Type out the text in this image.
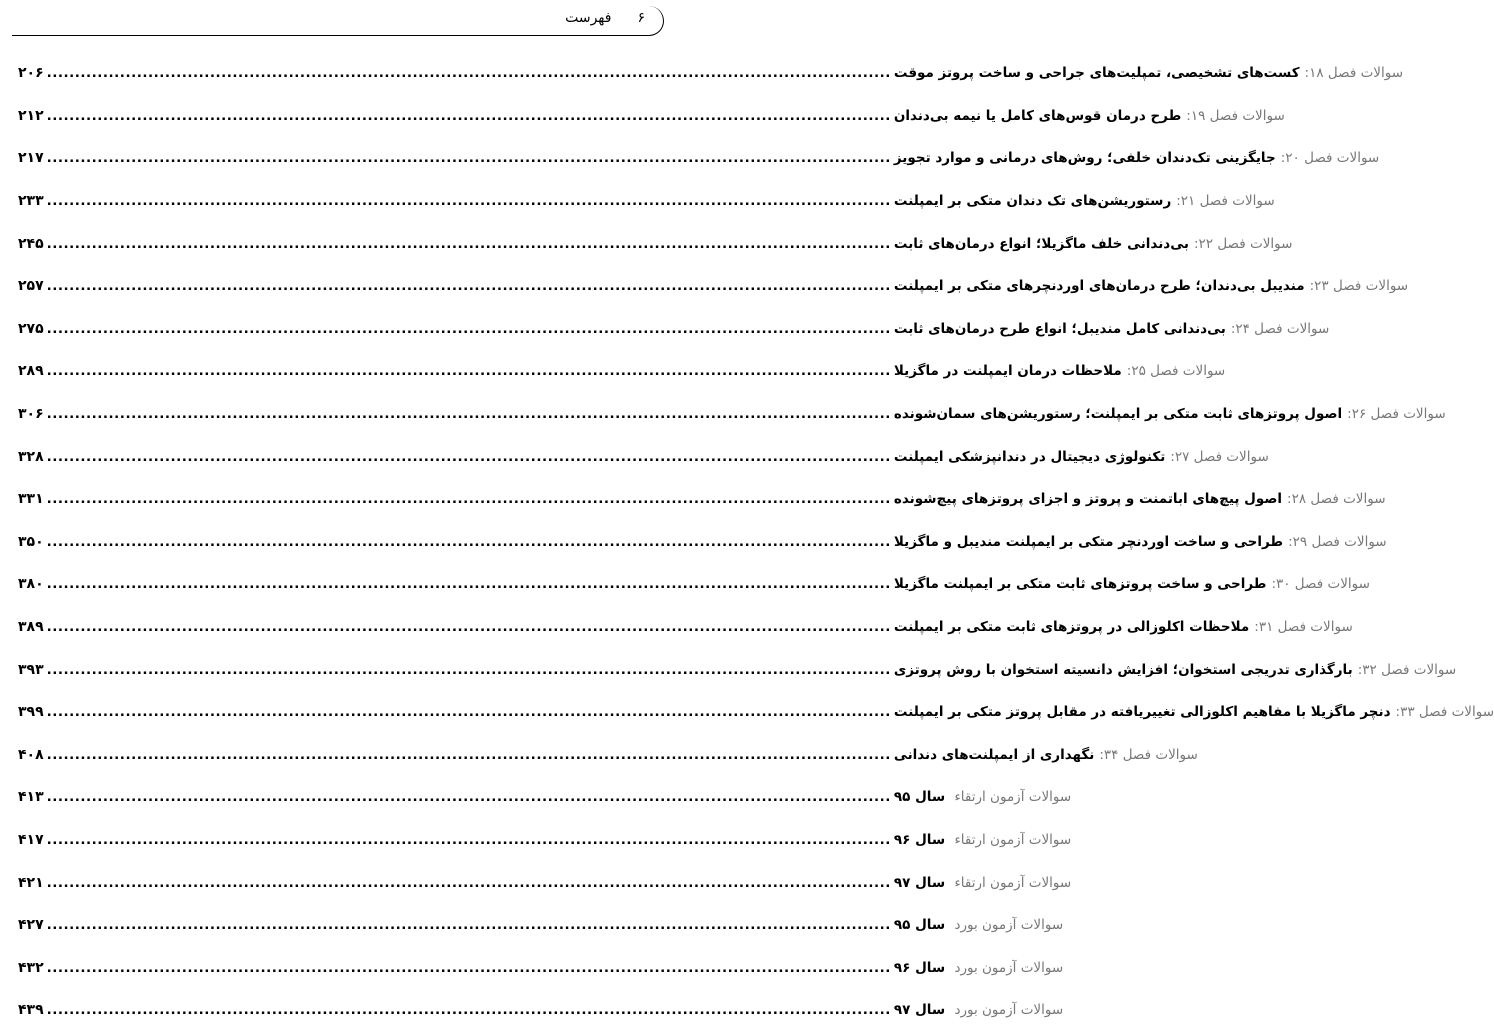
۶
فهرست
۲۰۶ .....	کست‌های تشخیصی، تمپلیت‌های جراحی و ساخت پروتز موقت سوالات فصل ۱۸:
۲۱۲ .....	طرح درمان قوس‌های کامل یا نیمه بی‌دندان سوالات فصل ۱۹:
۲۱۷ .....	جایگزینی تک‌دندان خلفی؛ روش‌های درمانی و موارد تجویز سوالات فصل ۲۰:
۲۳۳ .....	رستوریشن‌های تک دندان متکی بر ایمپلنت سوالات فصل ۲۱:
۲۴۵ .....	بی‌دندانی خلف ماگزیلا؛ انواع درمان‌های ثابت سوالات فصل ۲۲:
۲۵۷ .....	مندیبل بی‌دندان؛ طرح درمان‌های اوردنچرهای متکی بر ایمپلنت سوالات فصل ۲۳:
۲۷۵ .....	بی‌دندانی کامل مندیبل؛ انواع طرح درمان‌های ثابت سوالات فصل ۲۴:
۲۸۹ .....	ملاحظات درمان ایمپلنت در ماگزیلا سوالات فصل ۲۵:
۳۰۶ .....	اصول پروتزهای ثابت متکی بر ایمپلنت؛ رستوریشن‌های سمان‌شونده سوالات فصل ۲۶:
۳۲۸ .....	تکنولوژی دیجیتال در دندانپزشکی ایمپلنت سوالات فصل ۲۷:
۳۳۱ .....	اصول پیچ‌های اباتمنت و پروتز و اجزای پروتزهای پیچ‌شونده سوالات فصل ۲۸:
۳۵۰ .....	طراحی و ساخت اوردنچر متکی بر ایمپلنت مندیبل و ماگزیلا سوالات فصل ۲۹:
۳۸۰ .....	طراحی و ساخت پروتزهای ثابت متکی بر ایمپلنت ماگزیلا سوالات فصل ۳۰:
۳۸۹ .....	ملاحظات اکلوزالی در پروتزهای ثابت متکی بر ایمپلنت سوالات فصل ۳۱:
۳۹۳ .....	بارگذاری تدریجی استخوان؛ افزایش دانسیته استخوان با روش پروتزی سوالات فصل ۳۲:
۳۹۹ .....	دنچر ماگزیلا با مفاهیم اکلوزالی تغییریافته در مقابل پروتز متکی بر ایمپلنت سوالات فصل ۳۳:
۴۰۸ .....	نگهداری از ایمپلنت‌های دندانی سوالات فصل ۳۴:
۴۱۳ .....	سال ۹۵ سوالات آزمون ارتقاء
۴۱۷ .....	سال ۹۶ سوالات آزمون ارتقاء
۴۲۱ .....	سال ۹۷ سوالات آزمون ارتقاء
۴۲۷ .....	سال ۹۵ سوالات آزمون بورد
۴۳۲ .....	سال ۹۶ سوالات آزمون بورد
۴۳۹ .....	سال ۹۷ سوالات آزمون بورد
